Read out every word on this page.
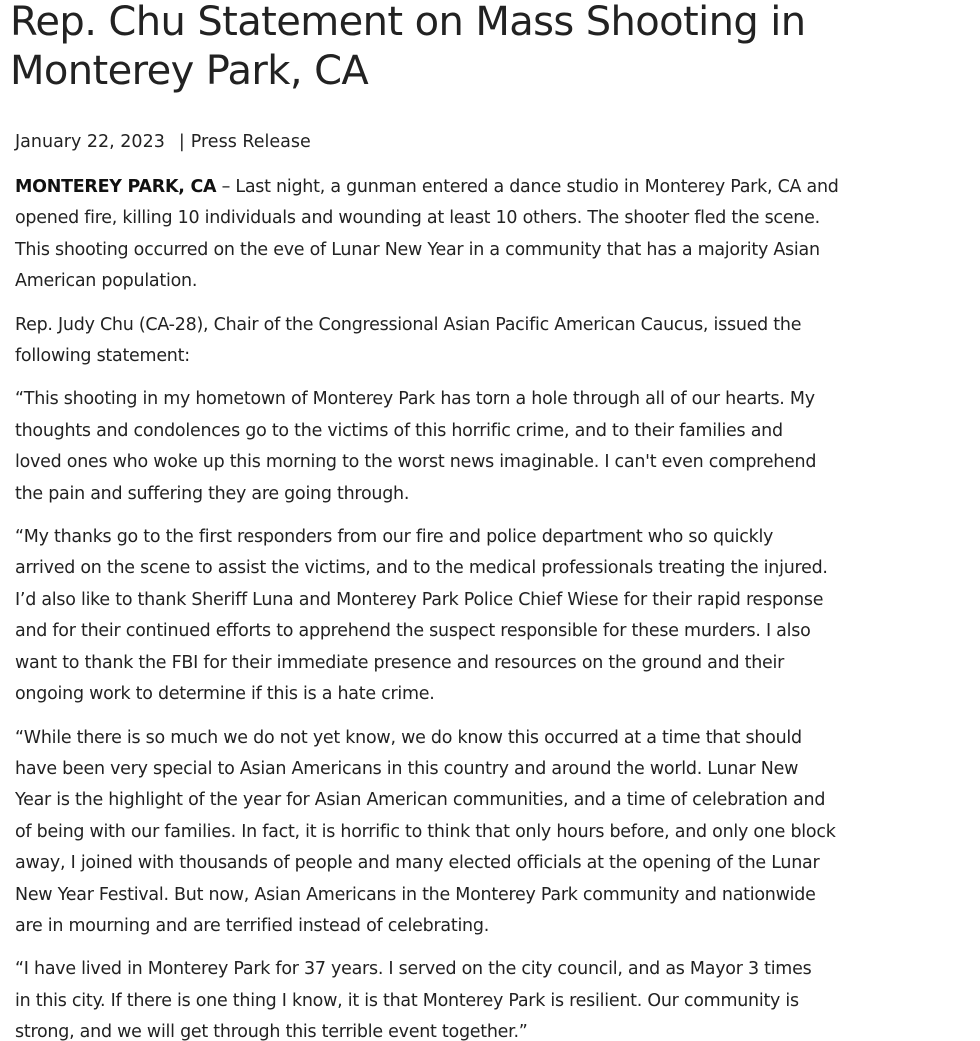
Rep. Chu Statement on Mass Shooting in
Monterey Park, CA
January 22, 2023 | Press Release

MONTEREY PARK, CA – Last night, a gunman entered a dance studio in Monterey Park, CA and
opened fire, killing 10 individuals and wounding at least 10 others. The shooter fled the scene.
This shooting occurred on the eve of Lunar New Year in a community that has a majority Asian
American population.

Rep. Judy Chu (CA-28), Chair of the Congressional Asian Pacific American Caucus, issued the
following statement:

“This shooting in my hometown of Monterey Park has torn a hole through all of our hearts. My
thoughts and condolences go to the victims of this horrific crime, and to their families and
loved ones who woke up this morning to the worst news imaginable. I can't even comprehend
the pain and suffering they are going through.

“My thanks go to the first responders from our fire and police department who so quickly
arrived on the scene to assist the victims, and to the medical professionals treating the injured.
I’d also like to thank Sheriff Luna and Monterey Park Police Chief Wiese for their rapid response
and for their continued efforts to apprehend the suspect responsible for these murders. I also
want to thank the FBI for their immediate presence and resources on the ground and their
ongoing work to determine if this is a hate crime.

“While there is so much we do not yet know, we do know this occurred at a time that should
have been very special to Asian Americans in this country and around the world. Lunar New
Year is the highlight of the year for Asian American communities, and a time of celebration and
of being with our families. In fact, it is horrific to think that only hours before, and only one block
away, I joined with thousands of people and many elected officials at the opening of the Lunar
New Year Festival. But now, Asian Americans in the Monterey Park community and nationwide
are in mourning and are terrified instead of celebrating.

“I have lived in Monterey Park for 37 years. I served on the city council, and as Mayor 3 times
in this city. If there is one thing I know, it is that Monterey Park is resilient. Our community is
strong, and we will get through this terrible event together.”
